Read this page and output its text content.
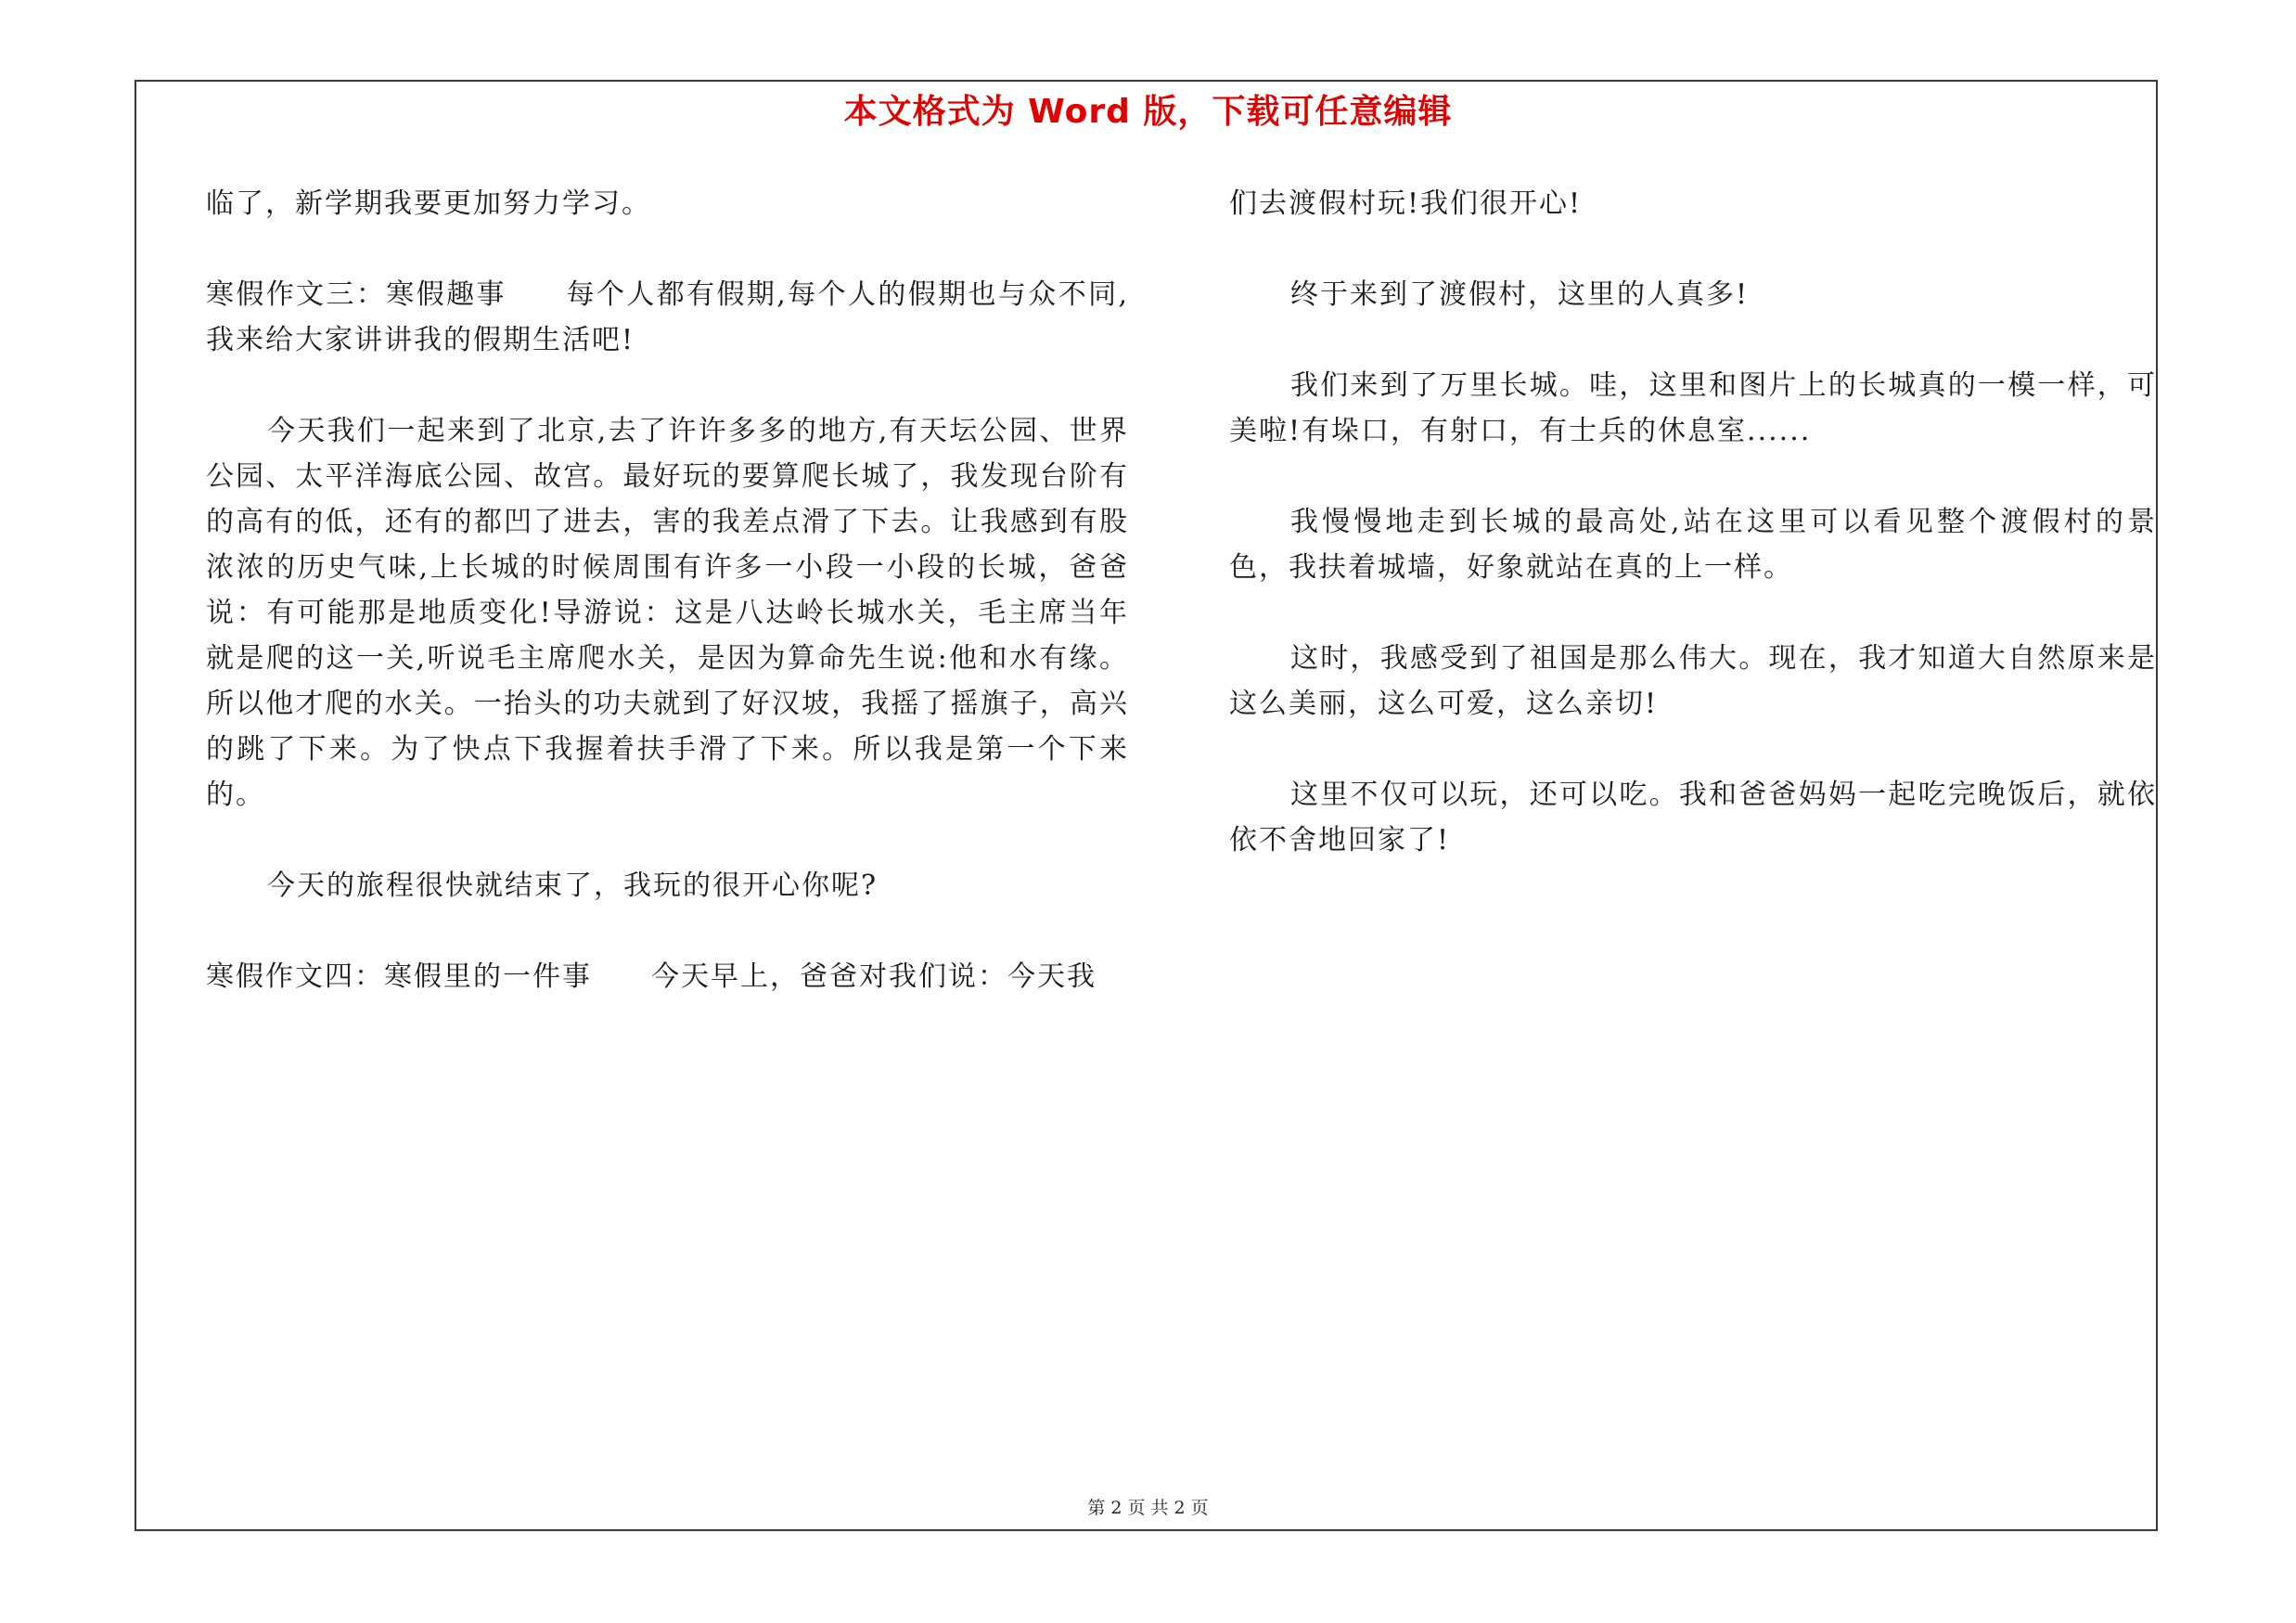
本文格式为 Word 版，下载可任意编辑

临了，新学期我要更加努力学习。

寒假作文三：寒假趣事　　每个人都有假期,每个人的假期也与众不同,我来给大家讲讲我的假期生活吧!

今天我们一起来到了北京,去了许许多多的地方,有天坛公园、世界公园、太平洋海底公园、故宫。最好玩的要算爬长城了，我发现台阶有的高有的低，还有的都凹了进去，害的我差点滑了下去。让我感到有股浓浓的历史气味,上长城的时候周围有许多一小段一小段的长城，爸爸说：有可能那是地质变化!导游说：这是八达岭长城水关，毛主席当年就是爬的这一关,听说毛主席爬水关，是因为算命先生说:他和水有缘。所以他才爬的水关。一抬头的功夫就到了好汉坡，我摇了摇旗子，高兴的跳了下来。为了快点下我握着扶手滑了下来。所以我是第一个下来的。

今天的旅程很快就结束了，我玩的很开心你呢?

寒假作文四：寒假里的一件事　　今天早上，爸爸对我们说：今天我

们去渡假村玩!我们很开心!

终于来到了渡假村，这里的人真多!

我们来到了万里长城。哇，这里和图片上的长城真的一模一样，可美啦!有垛口，有射口，有士兵的休息室......

我慢慢地走到长城的最高处,站在这里可以看见整个渡假村的景色，我扶着城墙，好象就站在真的上一样。

这时，我感受到了祖国是那么伟大。现在，我才知道大自然原来是这么美丽，这么可爱，这么亲切!

这里不仅可以玩，还可以吃。我和爸爸妈妈一起吃完晚饭后，就依依不舍地回家了!

第 2 页 共 2 页
